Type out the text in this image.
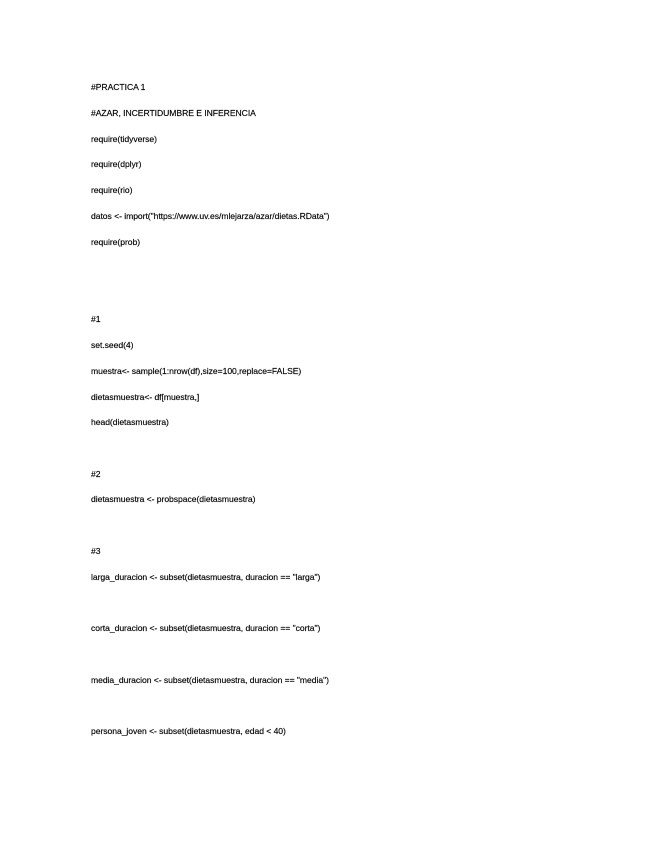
#PRACTICA 1
#AZAR, INCERTIDUMBRE E INFERENCIA
require(tidyverse)
require(dplyr)
require(rio)
datos <- import("https://www.uv.es/mlejarza/azar/dietas.RData")
require(prob)
#1
set.seed(4)
muestra<- sample(1:nrow(df),size=100,replace=FALSE)
dietasmuestra<- df[muestra,]
head(dietasmuestra)
#2
dietasmuestra <- probspace(dietasmuestra)
#3
larga_duracion <- subset(dietasmuestra, duracion == "larga")
corta_duracion <- subset(dietasmuestra, duracion == "corta")
media_duracion <- subset(dietasmuestra, duracion == "media")
persona_joven <- subset(dietasmuestra, edad < 40)
